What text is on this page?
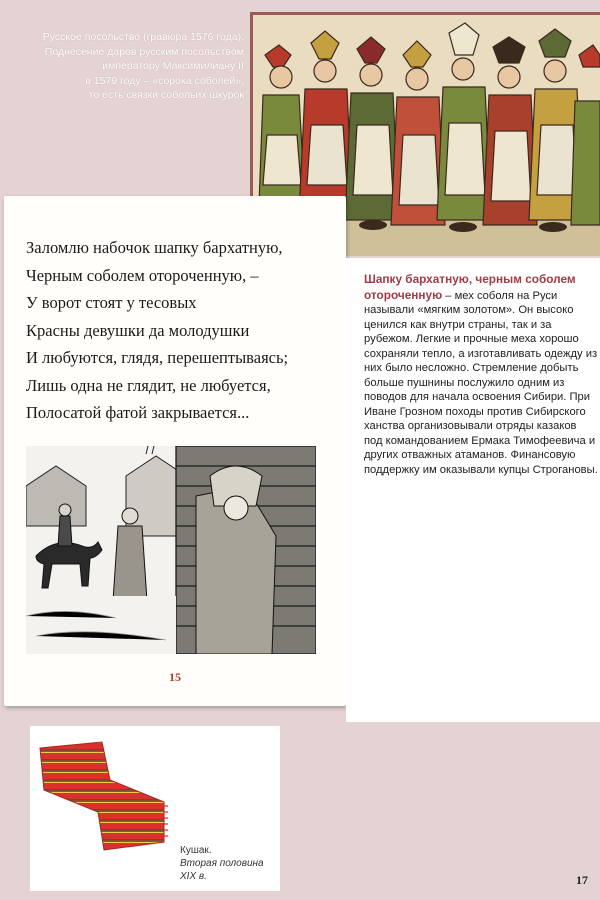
Русское посольство (гравюра 1576 года).
Поднесение даров русским посольством
императору Максимилиану II
в 1579 году – «сорока соболей»,
то есть связки собольих шкурок
Заломлю набочок шапку бархатную,
Черным соболем отороченную, –
У ворот стоят у тесовых
Красны девушки да молодушки
И любуются, глядя, перешептываясь;
Лишь одна не глядит, не любуется,
Полосатой фатой закрывается...
15
Шапку бархатную, черным соболем отороченную – мех соболя на Руси называли «мягким золотом». Он высоко ценился как внутри страны, так и за рубежом. Легкие и прочные меха хорошо сохраняли тепло, а изготавливать одежду из них было несложно. Стремление добыть больше пушнины послужило одним из поводов для начала освоения Сибири. При Иване Грозном походы против Сибирского ханства организовывали отряды казаков под командованием Ермака Тимофеевича и других отважных атаманов. Финансовую поддержку им оказывали купцы Строгановы.
Кушак.
Вторая половина XIX в.	17
